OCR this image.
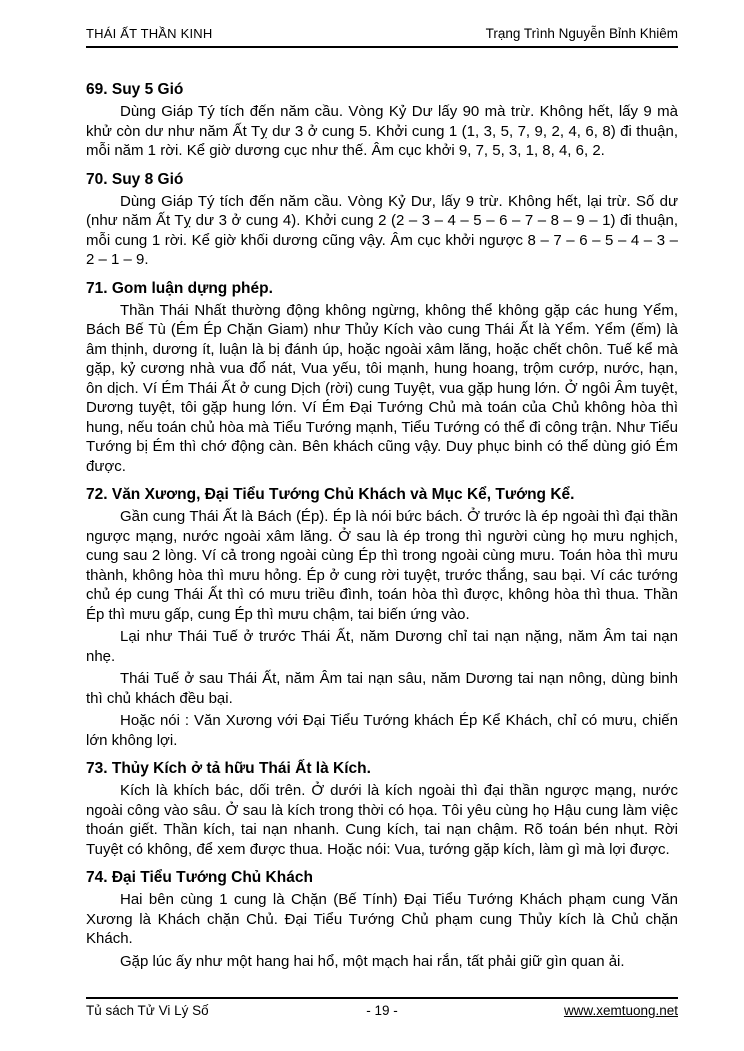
THÁI ẤT THẦN KINH	Trạng Trình Nguyễn Bỉnh Khiêm
69. Suy 5 Gió

Dùng Giáp Tý tích đến năm cầu. Vòng Kỷ Dư lấy 90 mà trừ. Không hết, lấy 9 mà khử còn dư như năm Ất Tỵ dư 3 ở cung 5. Khởi cung 1 (1, 3, 5, 7, 9, 2, 4, 6, 8) đi thuận, mỗi năm 1 rời. Kể giờ dương cục như thế. Âm cục khởi 9, 7, 5, 3, 1, 8, 4, 6, 2.

70. Suy 8 Gió

Dùng Giáp Tý tích đến năm cầu. Vòng Kỷ Dư, lấy 9 trừ. Không hết, lại trừ. Số dư (như năm Ất Tỵ dư 3 ở cung 4). Khởi cung 2 (2 – 3 – 4 – 5 – 6 – 7 – 8 – 9 – 1) đi thuận, mỗi cung 1 rời. Kể giờ khối dương cũng vậy. Âm cục khởi ngược 8 – 7 – 6 – 5 – 4 – 3 – 2 – 1 – 9.

71. Gom luận dựng phép.

Thần Thái Nhất thường động không ngừng, không thể không gặp các hung Yểm, Bách Bế Tù (Ém Ép Chặn Giam) như Thủy Kích vào cung Thái Ất là Yểm. Yểm (ếm) là âm thịnh, dương ít, luận là bị đánh úp, hoặc ngoài xâm lăng, hoặc chết chôn. Tuế kể mà gặp, kỷ cương nhà vua đổ nát, Vua yếu, tôi mạnh, hung hoang, trộm cướp, nước, hạn, ôn dịch. Ví Ém Thái Ất ở cung Dịch (rời) cung Tuyệt, vua gặp hung lớn. Ở ngôi Âm tuyệt, Dương tuyệt, tôi gặp hung lớn. Ví Ém Đại Tướng Chủ mà toán của Chủ không hòa thì hung, nếu toán chủ hòa mà Tiểu Tướng mạnh, Tiểu Tướng có thể đi công trận. Như Tiểu Tướng bị Ém thì chớ động càn. Bên khách cũng vậy. Duy phục binh có thể dùng gió Ém được.

72. Văn Xương, Đại Tiểu Tướng Chủ Khách và Mục Kể, Tướng Kể.

Gần cung Thái Ất là Bách (Ép). Ép là nói bức bách. Ở trước là ép ngoài thì đại thần ngược mạng, nước ngoài xâm lăng. Ở sau là ép trong thì người cùng họ mưu nghịch, cung sau 2 lòng. Ví cả trong ngoài cùng Ép thì trong ngoài cùng mưu. Toán hòa thì mưu thành, không hòa thì mưu hỏng. Ép ở cung rời tuyệt, trước thắng, sau bại. Ví các tướng chủ ép cung Thái Ất thì có mưu triều đình, toán hòa thì được, không hòa thì thua. Thần Ép thì mưu gấp, cung Ép thì mưu chậm, tai biến ứng vào.

Lại như Thái Tuế ở trước Thái Ất, năm Dương chỉ tai nạn nặng, năm Âm tai nạn nhẹ.

Thái Tuế ở sau Thái Ất, năm Âm tai nạn sâu, năm Dương tai nạn nông, dùng binh thì chủ khách đều bại.

Hoặc nói : Văn Xương với Đại Tiểu Tướng khách Ép Kể Khách, chỉ có mưu, chiến lớn không lợi.

73. Thủy Kích ở tả hữu Thái Ất là Kích.

Kích là khích bác, dối trên. Ở dưới là kích ngoài thì đại thần ngược mạng, nước ngoài công vào sâu. Ở sau là kích trong thời có họa. Tôi yêu cùng họ Hậu cung làm việc thoán giết. Thần kích, tai nạn nhanh. Cung kích, tai nạn chậm. Rõ toán bén nhụt. Rời Tuyệt có không, để xem được thua. Hoặc nói: Vua, tướng gặp kích, làm gì mà lợi được.

74. Đại Tiểu Tướng Chủ Khách

Hai bên cùng 1 cung là Chặn (Bế Tính) Đại Tiểu Tướng Khách phạm cung Văn Xương là Khách chặn Chủ. Đại Tiểu Tướng Chủ phạm cung Thủy kích là Chủ chặn Khách.

Gặp lúc ấy như một hang hai hổ, một mạch hai rắn, tất phải giữ gìn quan ải.

Tủ sách Tử Vi Lý Số	- 19 -	www.xemtuong.net
